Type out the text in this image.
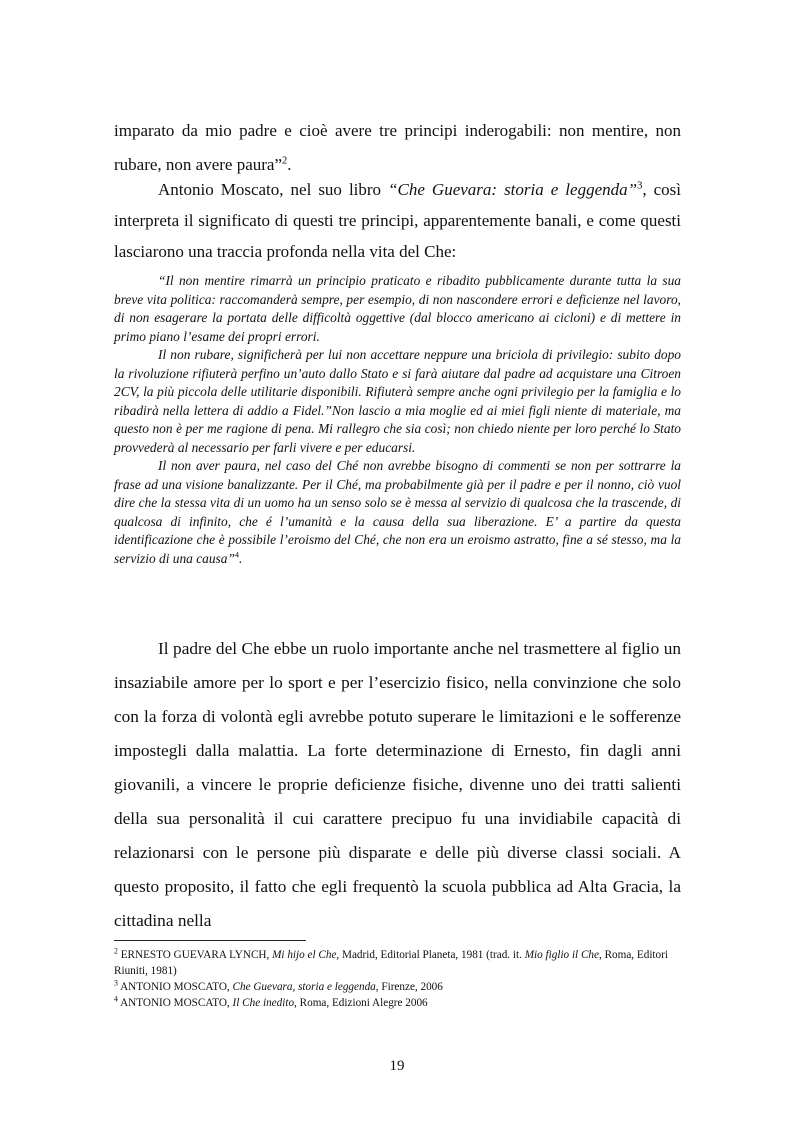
imparato da mio padre e cioè avere tre principi inderogabili: non mentire, non rubare, non avere paura”$^2$.

Antonio Moscato, nel suo libro “Che Guevara: storia e leggenda”$^3$, così interpreta il significato di questi tre principi, apparentemente banali, e come questi lasciarono una traccia profonda nella vita del Che:

“Il non mentire rimarrà un principio praticato e ribadito pubblicamente durante tutta la sua breve vita politica: raccomanderà sempre, per esempio, di non nascondere errori e deficienze nel lavoro, di non esagerare la portata delle difficoltà oggettive (dal blocco americano ai cicloni) e di mettere in primo piano l’esame dei propri errori.

Il non rubare, significherà per lui non accettare neppure una briciola di privilegio: subito dopo la rivoluzione rifiuterà perfino un’auto dallo Stato e si farà aiutare dal padre ad acquistare una Citroen 2CV, la più piccola delle utilitarie disponibili. Rifiuterà sempre anche ogni privilegio per la famiglia e lo ribadirà nella lettera di addio a Fidel.”Non lascio a mia moglie ed ai miei figli niente di materiale, ma questo non è per me ragione di pena. Mi rallegro che sia così; non chiedo niente per loro perché lo Stato provvederà al necessario per farli vivere e per educarsi.

Il non aver paura, nel caso del Ché non avrebbe bisogno di commenti se non per sottrarre la frase ad una visione banalizzante. Per il Ché, ma probabilmente già per il padre e per il nonno, ciò vuol dire che la stessa vita di un uomo ha un senso solo se è messa al servizio di qualcosa che la trascende, di qualcosa di infinito, che é l’umanità e la causa della sua liberazione. E’ a partire da questa identificazione che è possibile l’eroismo del Ché, che non era un eroismo astratto, fine a sé stesso, ma la servizio di una causa”$^4$.

Il padre del Che ebbe un ruolo importante anche nel trasmettere al figlio un insaziabile amore per lo sport e per l’esercizio fisico, nella convinzione che solo con la forza di volontà egli avrebbe potuto superare le limitazioni e le sofferenze impostegli dalla malattia. La forte determinazione di Ernesto, fin dagli anni giovanili, a vincere le proprie deficienze fisiche, divenne uno dei tratti salienti della sua personalità il cui carattere precipuo fu una invidiabile capacità di relazionarsi con le persone più disparate e delle più diverse classi sociali. A questo proposito, il fatto che egli frequentò la scuola pubblica ad Alta Gracia, la cittadina nella

$^2$ ERNESTO GUEVARA LYNCH, Mi hijo el Che, Madrid, Editorial Planeta, 1981 (trad. it. Mio figlio il Che, Roma, Editori Riuniti, 1981)
$^3$ ANTONIO MOSCATO, Che Guevara, storia e leggenda, Firenze, 2006
$^4$ ANTONIO MOSCATO, Il Che inedito, Roma, Edizioni Alegre 2006
19
